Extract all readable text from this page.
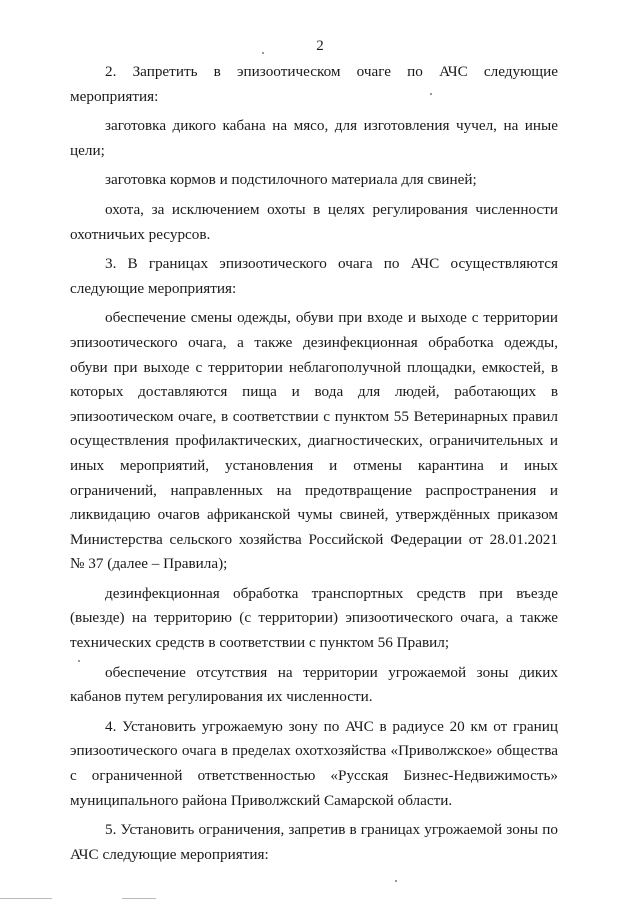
2

2. Запретить в эпизоотическом очаге по АЧС следующие мероприятия:

заготовка дикого кабана на мясо, для изготовления чучел, на иные цели;

заготовка кормов и подстилочного материала для свиней;

охота, за исключением охоты в целях регулирования численности охотничьих ресурсов.

3. В границах эпизоотического очага по АЧС осуществляются следующие мероприятия:

обеспечение смены одежды, обуви при входе и выходе с территории эпизоотического очага, а также дезинфекционная обработка одежды, обуви при выходе с территории неблагополучной площадки, емкостей, в которых доставляются пища и вода для людей, работающих в эпизоотическом очаге, в соответствии с пунктом 55 Ветеринарных правил осуществления профилактических, диагностических, ограничительных и иных мероприятий, установления и отмены карантина и иных ограничений, направленных на предотвращение распространения и ликвидацию очагов африканской чумы свиней, утверждённых приказом Министерства сельского хозяйства Российской Федерации от 28.01.2021 № 37 (далее – Правила);

дезинфекционная обработка транспортных средств при въезде (выезде) на территорию (с территории) эпизоотического очага, а также технических средств в соответствии с пунктом 56 Правил;

обеспечение отсутствия на территории угрожаемой зоны диких кабанов путем регулирования их численности.

4. Установить угрожаемую зону по АЧС в радиусе 20 км от границ эпизоотического очага в пределах охотхозяйства «Приволжское» общества с ограниченной ответственностью «Русская Бизнес-Недвижимость» муниципального района Приволжский Самарской области.

5. Установить ограничения, запретив в границах угрожаемой зоны по АЧС следующие мероприятия:
